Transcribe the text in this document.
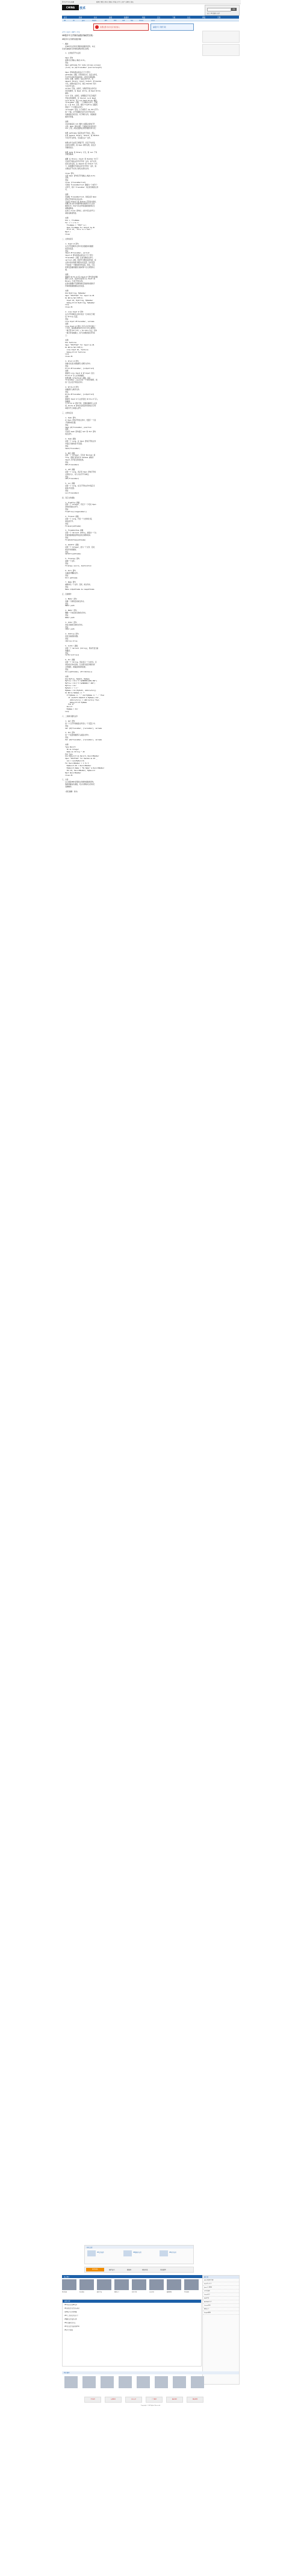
设为首页 加入收藏	新闻 | 财经 | 体育 | 娱乐 | 科技 | 汽车 | 房产 | 游戏 | 论坛
CHINA	技术	搜索
热门: VB 数据库 编程
首页	新闻	技术	编程	数据库	网络	安全	下载	论坛	博客	专题
VB	VC	Java	Delphi	.NET	PHP	ASP	SQL	Oracle	Linux
免费注册 技术交流 欢迎加入	编程学习 资源下载
首页 > 技术 > 编程 > 正文
VB程序中文件操作函数详解(附实例)
VB程序中文件操作函数详解

一、概述
　　在VB中对文件进行操作的函数有很多，本文
对这些函数进行详细的说明并附以实例。

　　1. 文件的打开与关闭

　　Open 语句
　　能够对文件输入/输出(I/O)。
　　语法
　　Open pathname For mode [Access access]
　　[lock] As [#]filenumber [Len=reclength]

　　Open 语句的语法具有以下几个部分：
　　pathname 必要。字符串表达式，指定文件名，
　　该文件名可能还包括目录、文件夹及驱动器。
　　mode 必要。关键字，指定文件方式，有
　　Append、Binary、Input、Output、或 Random
　　方式。如果未指定方式，则以 Random 访问
　　方式打开文件。
　　access 可选。关键字，说明打开的文件可以
　　进行的操作，有 Read、Write、或 Read Write
　　操作。
　　lock 可选。关键字，说明限定于其它进程打
　　开的文件的操作，有 Shared、Lock Read、
　　Lock Write、和 Lock Read Write 操作。
　　filenumber 必要。一个有效的文件号，范围
　　在 1 到 511 之间。使用 FreeFile 函数可
　　得到下一个可用的文件号。
　　reclength 可选。小于或等于 32,767(字节)
　　的一个数。对于用随机访问方式打开的文件，
　　该值就是记录长度。对于顺序文件，该值就是
　　缓冲字符数。

　　说明
　　对文件做任何 I/O 操作之前都必须先打开
　　文件。Open 语句分配一个缓冲区供文件进行
　　I/O 之用，并决定缓冲区所使用的访问方式。

　　如果 pathname 指定的文件不存在，那么，
　　在用 Append、Binary、Output、或 Random
　　方式打开文件时，可以建立这一文件。

　　如果文件已由其它进程打开，而且不允许指
　　定的访问类型，则 Open 操作失败，而且会
　　有错误发生。

　　如果 mode 是 Binary 方式，则 Len 子句
　　会被忽略掉。

　　重要 在 Binary、Input 和 Random 方式下
　　可以用不同的文件号打开同一文件，而不必先
　　将该文件关闭。在 Append 和 Output 方式
　　下，如果要用不同的文件号打开同一文件，则
　　必须在打开文件之前先关闭该文件。

　　Close 语句
　　关闭 Open 语句所打开的输入/输出(I/O)
　　文件。
　　语法
　　Close [filenumberlist]
　　可选的 filenumberlist 参数为一个或多个
　　文件号，其中 filenumber 为任何有效的文件
　　号。

　　说明
　　若省略 filenumberlist，则将关闭 Open
　　语句打开的所有活动文件。
　　当关闭 Output 或 Append 打开的文件时，
　　将属于此文件号的最终输出缓冲区写入文件
　　缓冲区中。所有与该文件相关联的缓冲区空
　　间都被释放。
　　在执行 Close 语句时，文件与其文件号之
　　间的关联将终结。

　　实例：
　　Dim i, FileName
　　For i = 1 To 3
　　　FileName = "TEST" & i
　　　Open FileName For Output As #i
　　　Print #i, "This is a test."
　　Next i
　　Close

二、文件的读写

　　1. Input # 语句
　　从已打开的顺序文件中读出数据并将数据
　　指定给变量。
　　语法
　　Input #filenumber, varlist
　　Input # 语句的语法具有以下几个部分：
　　filenumber 必要。任何有效的文件号。
　　varlist 必要。用逗号分界的变量列表，将
　　文件中读出的值分配给这些变量；这些变量
　　不可能是一个数组或对象变量。但是，可以
　　使用变量描述数组元素或用户定义类型的元
　　素。

　　说明
　　通常用 Write # 将 Input # 语句读出的数
　　据写入文件。该语句只能用于以 Input 或
　　Binary 方式打开的文件。
　　在读出数据时不经修改就可直接将标准的字
　　符串或数值数据指定给变量。

　　实例：
　　Dim MyString, MyNumber
　　Open "TESTFILE" For Input As #1
　　Do While Not EOF(1)
　　　Input #1, MyString, MyNumber
　　　Debug.Print MyString, MyNumber
　　Loop
　　Close #1

　　2. Line Input # 语句
　　从已打开的顺序文件中读出一行并将它分配
　　给 String 变量。
　　语法
　　Line Input #filenumber, varname
　　说明
　　Line Input # 语句一次只从文件中读出一
　　个字符，直到遇到回车符(Chr(13))或回车
　　一换行符(Chr(13) + Chr(10))为止。回车
　　一换行符将被跳过，而不会被附加到字符串
　　上。

　　实例：
　　Dim TextLine
　　Open "TESTFILE" For Input As #1
　　Do While Not EOF(1)
　　　Line Input #1, TextLine
　　　Debug.Print TextLine
　　Loop
　　Close #1

　　3. Print # 语句
　　将格式化显示的数据写入顺序文件中。
　　语法
　　Print #filenumber, [outputlist]
　　说明
　　通常用 Line Input # 或 Input 读出
　　Print # 写入文件的数据。
　　如果省略 outputlist 参数，而且
　　filenumber 之后只含有一个列表分隔符，则
　　将一空白行打印到文件中。

　　4. Write # 语句
　　将数据写入顺序文件。
　　语法
　　Write #filenumber, [outputlist]
　　说明
　　通常用 Input # 从文件读出 Write # 写入
　　的数据。
　　与 Print # 语句不同，当要将数据写入文件
　　时，Write # 语句会在项目和用来标记字符
　　串的引号之间插入逗号。

三、文件的定位

　　1. Seek 语句
　　在 Open 语句打开的文件中，设置下一个读
　　/写操作的位置。
　　语法
　　Seek [#]filenumber, position
　　说明
　　可以用 Seek 语句指定 Get 和 Put 语句
　　的记录号。

　　2. Seek 函数
　　返回一个 Long，在 Open 语句打开的文件
　　中指定当前的读/写位置。
　　语法
　　Seek(filenumber)

　　3. EOF 函数
　　返回一个 Integer，它包含 Boolean 值
　　True，表明已经到达为 Random 或顺序
　　Input 打开的文件的结尾。
　　语法
　　EOF(filenumber)

　　4. LOF 函数
　　返回一个 Long，表示用 Open 语句打开的
　　文件的大小，该大小以字节为单位。
　　语法
　　LOF(filenumber)

　　5. Loc 函数
　　返回一个 Long，在已打开的文件中指定当
　　前读/写位置。
　　语法
　　Loc(filenumber)

四、其它文件函数

　　1. FreeFile 函数
　　返回一个 Integer，代表下一个可供 Open
　　语句使用的文件号。
　　语法
　　FreeFile[(rangenumber)]

　　2. FileLen 函数
　　返回一个 Long，代表一个文件的长度，
　　单位是字节。
　　语法
　　FileLen(pathname)

　　3. FileDateTime 函数
　　返回一个 Variant (Date)，此值为一个文
　　件被创建或最后修改后的日期和时间。
　　语法
　　FileDateTime(pathname)

　　4. GetAttr 函数
　　返回一个 Integer，此为一个文件、目录、
　　或文件夹的属性。
　　语法
　　GetAttr(pathname)

　　5. FileCopy 语句
　　复制一个文件。
　　语法
　　FileCopy source, destination

　　6. Kill 语句
　　从磁盘中删除文件。
　　语法
　　Kill pathname

　　7. Name 语句
　　重新命名一个文件、目录、或文件夹。
　　语法
　　Name oldpathname As newpathname

五、目录操作

　　1. MkDir 语句
　　创建一个新的目录或文件夹。
　　语法
　　MkDir path

　　2. RmDir 语句
　　删除一个存在的目录或文件夹。
　　语法
　　RmDir path

　　3. ChDir 语句
　　改变当前的目录或文件夹。
　　语法
　　ChDir path

　　4. ChDrive 语句
　　改变当前的驱动器。
　　语法
　　ChDrive drive

　　5. CurDir 函数
　　返回一个 Variant (String)，用来代表当前
　　的路径。
　　语法
　　CurDir[(drive)]

　　6. Dir 函数
　　返回一个 String，用以表示一个文件名、目
　　录名或文件夹名称，它必须与指定的模式或
　　文件属性、或磁盘卷标相匹配。
　　语法
　　Dir[(pathname[, attributes])]

　　实例：
　　Dim MyFile, MyPath, MyName
　　MyFile = Dir("C:\WINDOWS\WIN.INI")
　　MyFile = Dir("C:\WINDOWS\*.INI")
　　MyFile = Dir
　　MyPath = "c:\"
　　MyName = Dir(MyPath, vbDirectory)
　　Do While MyName <> ""
　　　If MyName <> "." And MyName <> ".." Then
　　　　If (GetAttr(MyPath & MyName) And _
　　　　　vbDirectory) = vbDirectory Then
　　　　　Debug.Print MyName
　　　　End If
　　　End If
　　　MyName = Dir
　　Loop

六、二进制与随机文件

　　1. Get 语句
　　将一个已打开的磁盘文件读入一个变量之中。
　　语法
　　Get [#]filenumber, [recnumber], varname

　　2. Put 语句
　　将一个变量的数据写入磁盘文件中。
　　语法
　　Put [#]filenumber, [recnumber], varname

　　实例：
　　Type Record
　　　ID As Integer
　　　Name As String * 20
　　End Type
　　Dim MyRecord As Record, RecordNumber
　　Open "TESTFILE" For Random As #1 _
　　　Len = Len(MyRecord)
　　For RecordNumber = 1 To 5
　　　MyRecord.ID = RecordNumber
　　　MyRecord.Name = "My Name" & RecordNumber
　　　Put #1, RecordNumber, MyRecord
　　Next RecordNumber
　　Close #1

七、小结
　　以上就是VB中常用的文件操作函数和语句，
　　熟练掌握这些函数，可以方便地对文件进行
　　各种操作。

　　(责任编辑：技术)
相关文章
VB文件操作	VB数据库编程	VB控件使用
推荐阅读	编程技巧	数据库	网络开发	系统管理
热点图片
图片新闻	科技前沿	数码产品	网络安全	软件下载	技术社区	编程教程	行业资讯
排行榜
VB文件操作详解
SQL语句大全
Java入门教程
C语言指针
Linux命令
PHP开发
ASP.NET技巧
Oracle优化
网络安全
Delphi编程
最新文章
VB中如何读取INI文件
VB实现文件的复制与移动
用VB编写文件管理器
VB中二进制文件的读写
VB随机文件操作实例
VB目录遍历的方法
VB中的文件系统对象FSO
VB读写注册表
图片推荐
合作伙伴	友情链接	技术支持	广告服务	联系我们	网站地图
Copyright © All Rights Reserved
